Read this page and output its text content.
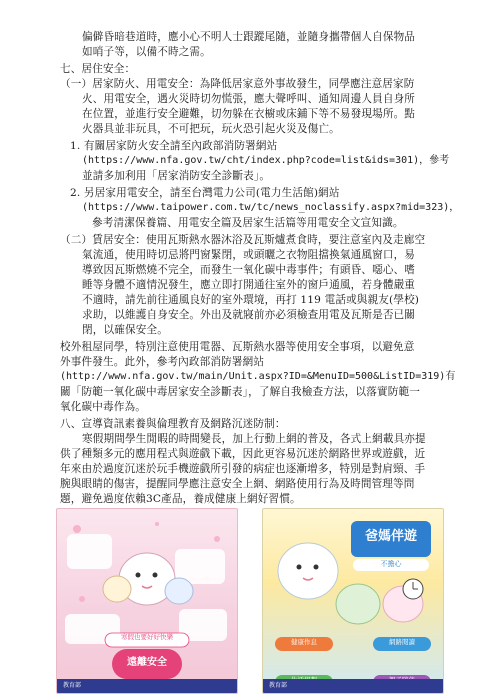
偏僻昏暗巷道時，應小心不明人士跟蹤尾隨，並隨身攜帶個人自保物品
如哨子等，以備不時之需。
七、居住安全：
（一）居家防火、用電安全：為降低居家意外事故發生，同學應注意居家防
火、用電安全，遇火災時切勿慌張，應大聲呼叫、通知周邊人員自身所
在位置，並進行安全避難，切勿躲在衣櫥或床鋪下等不易發現場所。點
火器具並非玩具，不可把玩，玩火恐引起火災及傷亡。
1. 有關居家防火安全請至內政部消防署網站
(https://www.nfa.gov.tw/cht/index.php?code=list&ids=301)，參考
並請多加利用「居家消防安全診斷表」。
2. 另居家用電安全，請至台灣電力公司(電力生活館)網站
(https://www.taipower.com.tw/tc/news_noclassify.aspx?mid=323)，
參考清潔保養篇、用電安全篇及居家生活篇等用電安全文宣知識。
（二）賃居安全：使用瓦斯熱水器沐浴及瓦斯爐煮食時，要注意室內及走廊空
氣流通，使用時切忌將門窗緊閉，或頭曬之衣物阻擋換氣通風窗口，易
導致因瓦斯燃燒不完全，而發生一氧化碳中毒事件；有頭昏、噁心、嗜
睡等身體不適情況發生，應立即打開通往室外的窗戶通風，若身體嚴重
不適時，請先前往通風良好的室外環境，再打 119 電話或與親友(學校)
求助，以維護自身安全。外出及就寢前亦必須檢查用電及瓦斯是否已關
閉，以確保安全。
校外租屋同學，特別注意使用電器、瓦斯熱水器等使用安全事項，以避免意
外事件發生。此外，參考內政部消防署網站
(http://www.nfa.gov.tw/main/Unit.aspx?ID=&MenuID=500&ListID=319)有
關「防範一氧化碳中毒居家安全診斷表」，了解自我檢查方法，以落實防範一
氧化碳中毒作為。
八、宣導資訊素養與倫理教育及網路沉迷防制：
寒假期間學生閒暇的時間變長，加上行動上網的普及，各式上網載具亦提
供了種類多元的應用程式與遊戲下載，因此更容易沉迷於網路世界或遊戲，近
年來由於過度沉迷於玩手機遊戲所引發的病症也逐漸增多，特別是對肩頸、手
腕與眼睛的傷害，提醒同學應注意安全上網、網路使用行為及時間管理等問
題，避免過度依賴3C產品，養成健康上網好習慣。
寒假也要好好快樂
遠離安全
教育部
爸媽伴遊
不擔心
健康作息	網路閱讀
教育部
